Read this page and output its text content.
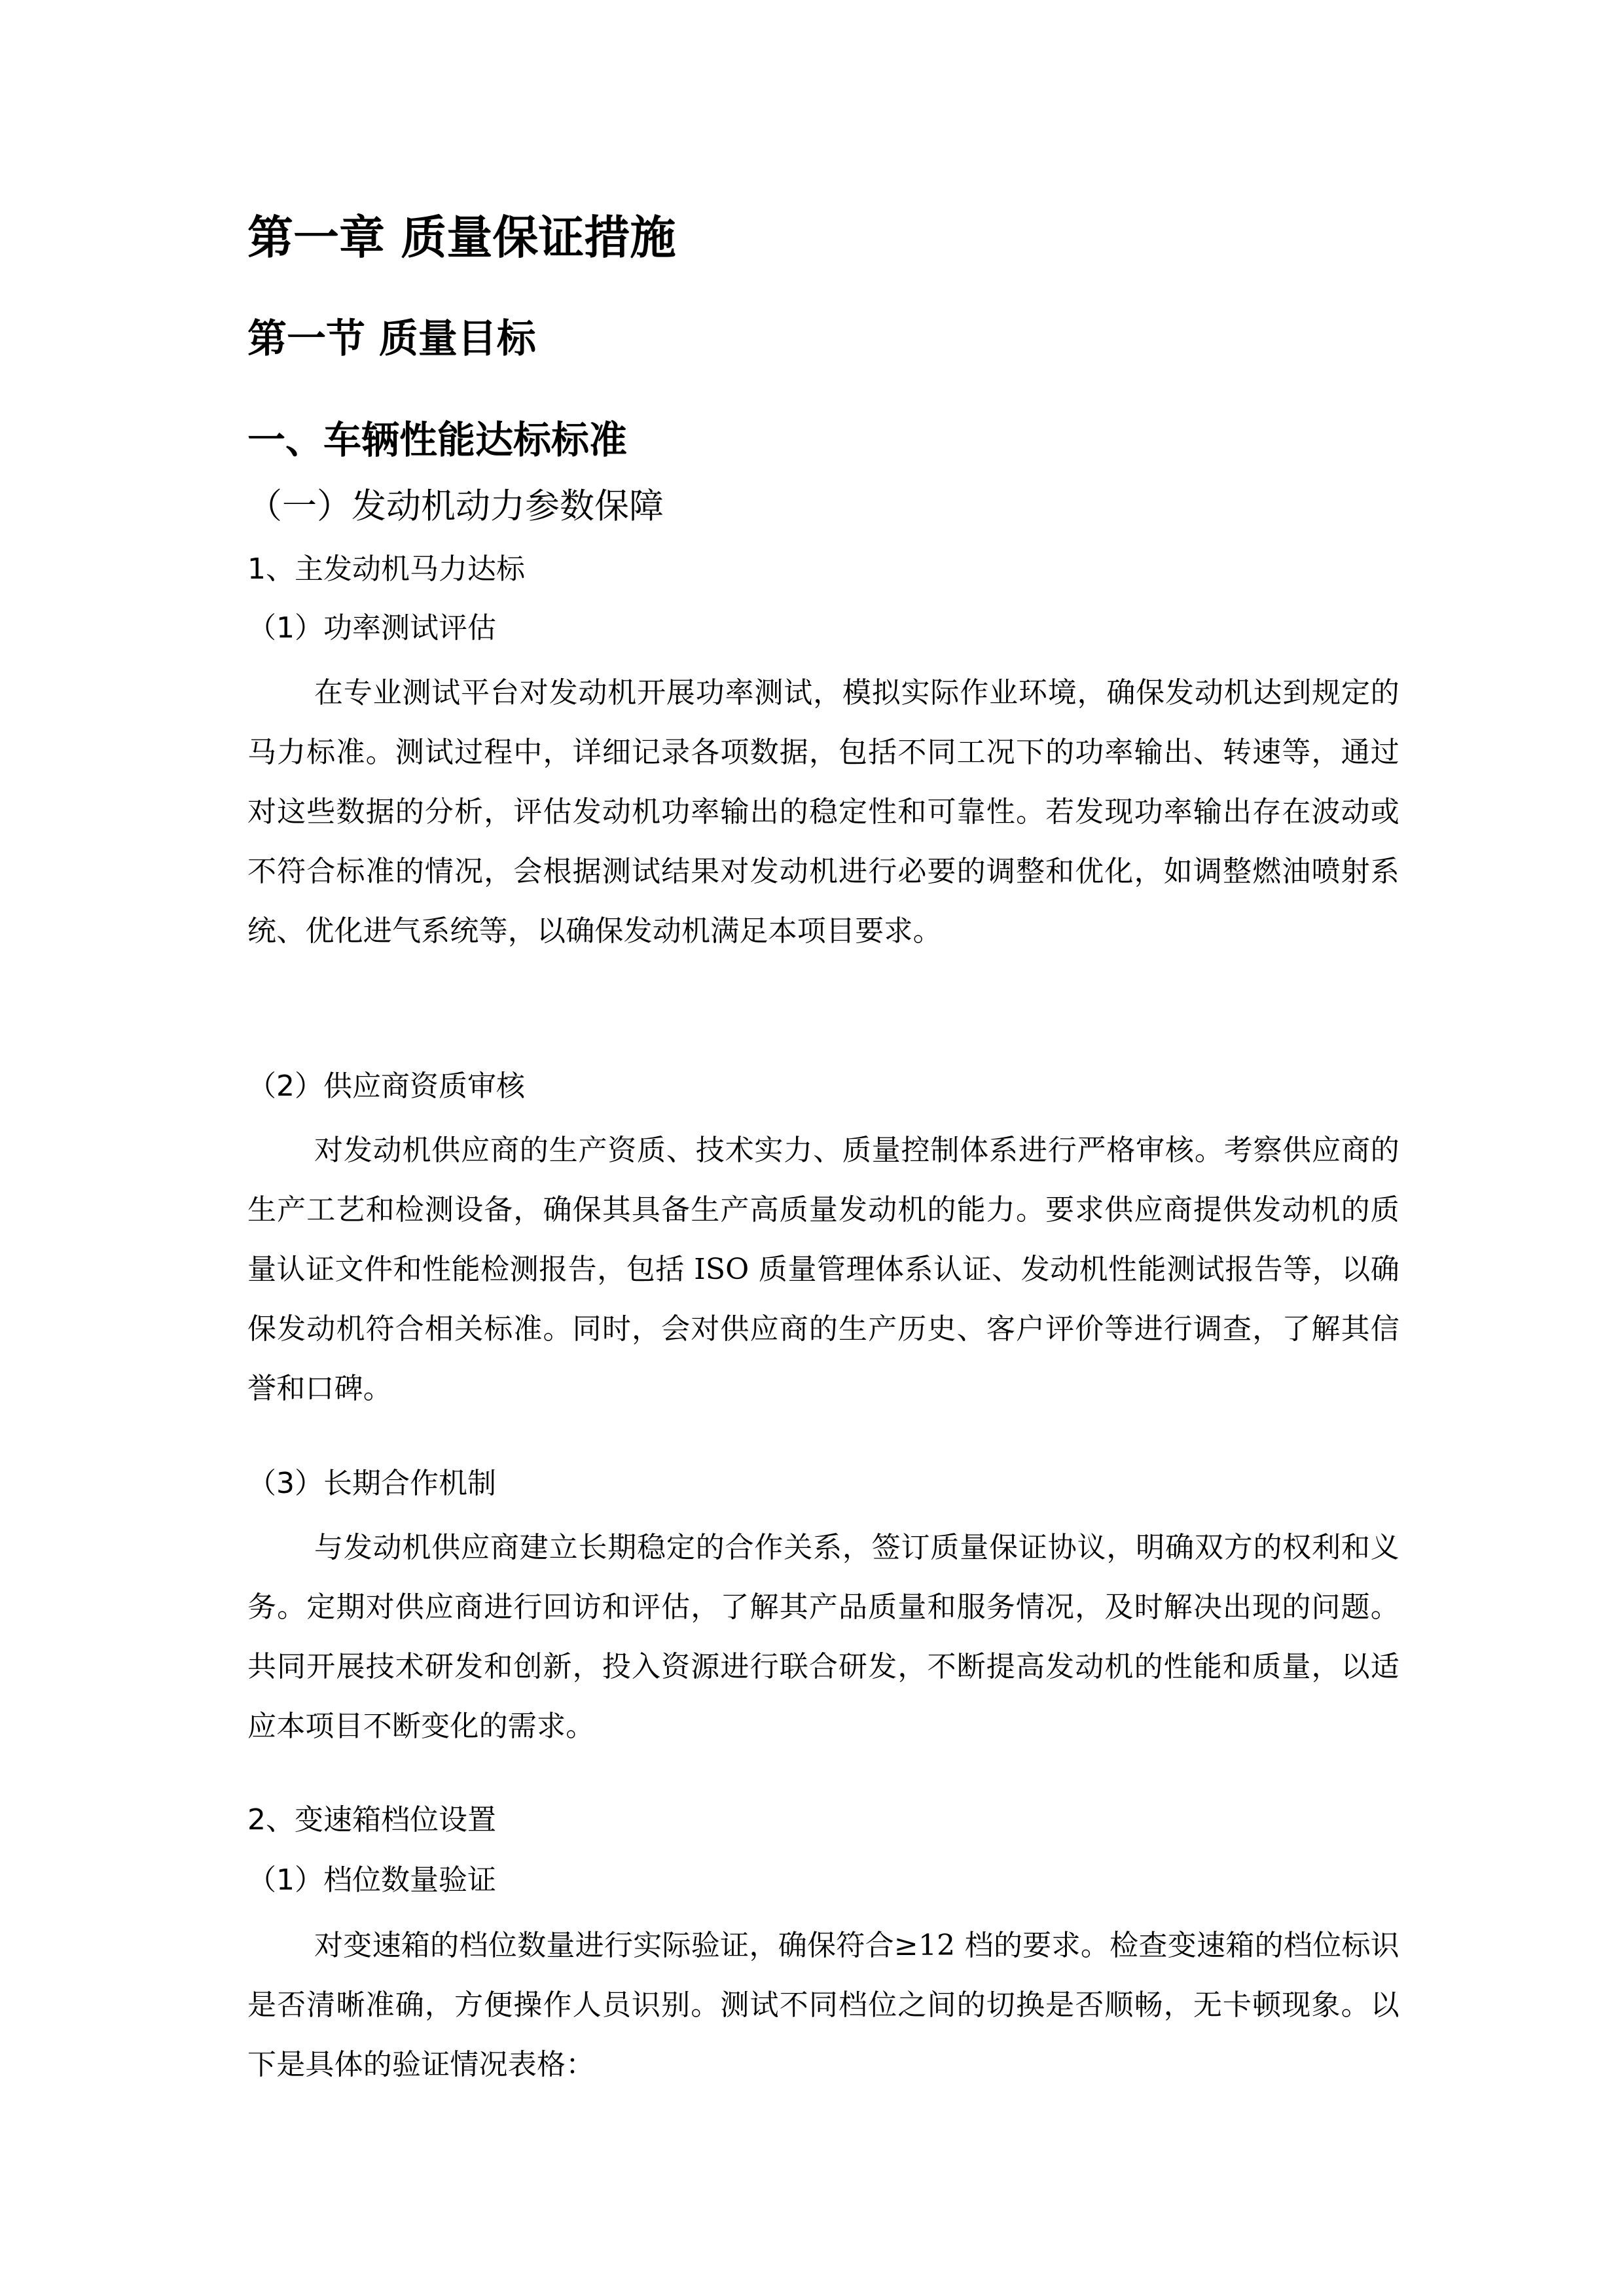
第一章 质量保证措施
第一节 质量目标
一、车辆性能达标标准
（一）发动机动力参数保障
1、主发动机马力达标
（1）功率测试评估
在专业测试平台对发动机开展功率测试，模拟实际作业环境，确保发动机达到规定的马力标准。测试过程中，详细记录各项数据，包括不同工况下的功率输出、转速等，通过对这些数据的分析，评估发动机功率输出的稳定性和可靠性。若发现功率输出存在波动或不符合标准的情况，会根据测试结果对发动机进行必要的调整和优化，如调整燃油喷射系统、优化进气系统等，以确保发动机满足本项目要求。
（2）供应商资质审核
对发动机供应商的生产资质、技术实力、质量控制体系进行严格审核。考察供应商的生产工艺和检测设备，确保其具备生产高质量发动机的能力。要求供应商提供发动机的质量认证文件和性能检测报告，包括 ISO 质量管理体系认证、发动机性能测试报告等，以确保发动机符合相关标准。同时，会对供应商的生产历史、客户评价等进行调查，了解其信誉和口碑。
（3）长期合作机制
与发动机供应商建立长期稳定的合作关系，签订质量保证协议，明确双方的权利和义务。定期对供应商进行回访和评估，了解其产品质量和服务情况，及时解决出现的问题。共同开展技术研发和创新，投入资源进行联合研发，不断提高发动机的性能和质量，以适应本项目不断变化的需求。
2、变速箱档位设置
（1）档位数量验证
对变速箱的档位数量进行实际验证，确保符合≥12 档的要求。检查变速箱的档位标识是否清晰准确，方便操作人员识别。测试不同档位之间的切换是否顺畅，无卡顿现象。以下是具体的验证情况表格：
